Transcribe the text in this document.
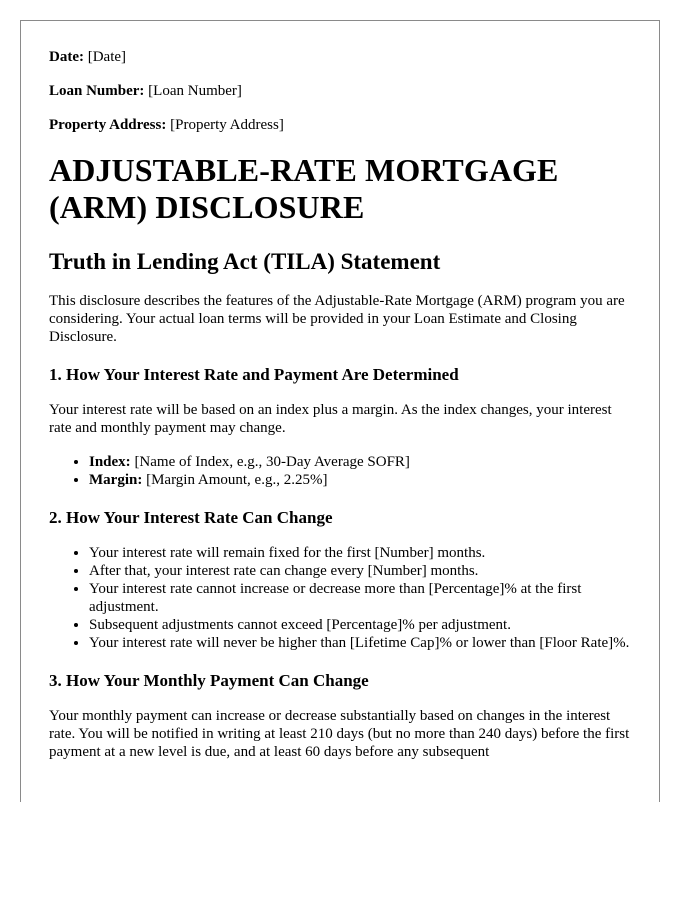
Date: [Date]
Loan Number: [Loan Number]
Property Address: [Property Address]
ADJUSTABLE-RATE MORTGAGE (ARM) DISCLOSURE
Truth in Lending Act (TILA) Statement

This disclosure describes the features of the Adjustable-Rate Mortgage (ARM) program you are considering. Your actual loan terms will be provided in your Loan Estimate and Closing Disclosure.

1. How Your Interest Rate and Payment Are Determined

Your interest rate will be based on an index plus a margin. As the index changes, your interest rate and monthly payment may change.

• Index: [Name of Index, e.g., 30-Day Average SOFR]
• Margin: [Margin Amount, e.g., 2.25%]
2. How Your Interest Rate Can Change
• Your interest rate will remain fixed for the first [Number] months.
• After that, your interest rate can change every [Number] months.
• Your interest rate cannot increase or decrease more than [Percentage]% at the first adjustment.
• Subsequent adjustments cannot exceed [Percentage]% per adjustment.
• Your interest rate will never be higher than [Lifetime Cap]% or lower than [Floor Rate]%.
3. How Your Monthly Payment Can Change

Your monthly payment can increase or decrease substantially based on changes in the interest rate. You will be notified in writing at least 210 days (but no more than 240 days) before the first payment at a new level is due, and at least 60 days before any subsequent
